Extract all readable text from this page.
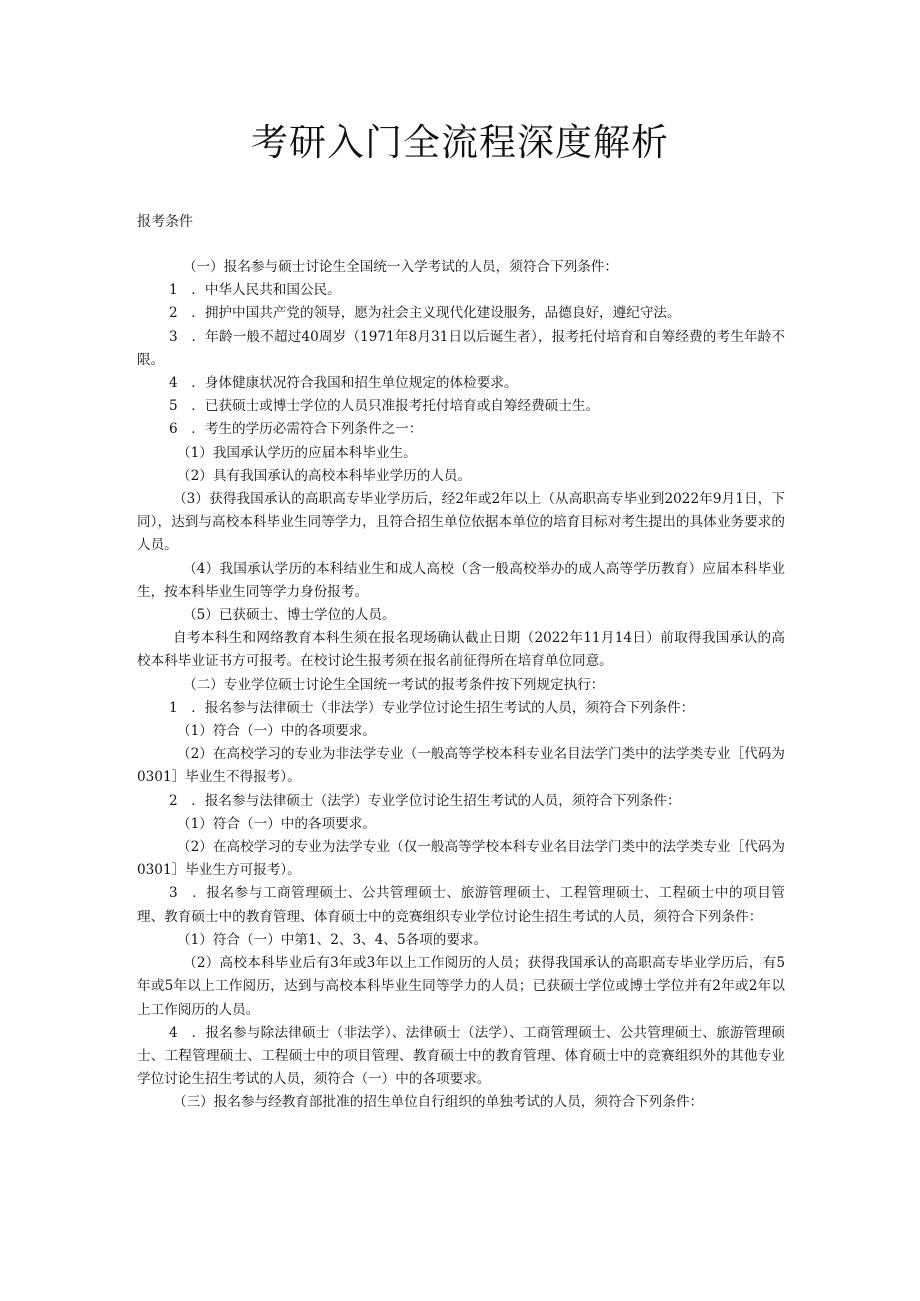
考研入门全流程深度解析

报考条件

（一）报名参与硕士讨论生全国统一入学考试的人员，须符合下列条件：

1　．中华人民共和国公民。

2　．拥护中国共产党的领导，愿为社会主义现代化建设服务，品德良好，遵纪守法。

3　．年龄一般不超过40周岁（1971年8月31日以后诞生者），报考托付培育和自筹经费的考生年龄不限。

4　．身体健康状况符合我国和招生单位规定的体检要求。

5　．已获硕士或博士学位的人员只准报考托付培育或自筹经费硕士生。

6　．考生的学历必需符合下列条件之一：

（1）我国承认学历的应届本科毕业生。

（2）具有我国承认的高校本科毕业学历的人员。

（3）获得我国承认的高职高专毕业学历后，经2年或2年以上（从高职高专毕业到2022年9月1日，下同），达到与高校本科毕业生同等学力，且符合招生单位依据本单位的培育目标对考生提出的具体业务要求的人员。

（4）我国承认学历的本科结业生和成人高校（含一般高校举办的成人高等学历教育）应届本科毕业生，按本科毕业生同等学力身份报考。

（5）已获硕士、博士学位的人员。

自考本科生和网络教育本科生须在报名现场确认截止日期（2022年11月14日）前取得我国承认的高校本科毕业证书方可报考。在校讨论生报考须在报名前征得所在培育单位同意。

（二）专业学位硕士讨论生全国统一考试的报考条件按下列规定执行：

1　．报名参与法律硕士（非法学）专业学位讨论生招生考试的人员，须符合下列条件：

（1）符合（一）中的各项要求。

（2）在高校学习的专业为非法学专业（一般高等学校本科专业名目法学门类中的法学类专业［代码为0301］毕业生不得报考）。

2　．报名参与法律硕士（法学）专业学位讨论生招生考试的人员，须符合下列条件：

（1）符合（一）中的各项要求。

（2）在高校学习的专业为法学专业（仅一般高等学校本科专业名目法学门类中的法学类专业［代码为0301］毕业生方可报考）。

3　．报名参与工商管理硕士、公共管理硕士、旅游管理硕士、工程管理硕士、工程硕士中的项目管理、教育硕士中的教育管理、体育硕士中的竞赛组织专业学位讨论生招生考试的人员，须符合下列条件：

（1）符合（一）中第1、2、3、4、5各项的要求。

（2）高校本科毕业后有3年或3年以上工作阅历的人员；获得我国承认的高职高专毕业学历后，有5年或5年以上工作阅历，达到与高校本科毕业生同等学力的人员；已获硕士学位或博士学位并有2年或2年以上工作阅历的人员。

4　．报名参与除法律硕士（非法学）、法律硕士（法学）、工商管理硕士、公共管理硕士、旅游管理硕士、工程管理硕士、工程硕士中的项目管理、教育硕士中的教育管理、体育硕士中的竞赛组织外的其他专业学位讨论生招生考试的人员，须符合（一）中的各项要求。

（三）报名参与经教育部批准的招生单位自行组织的单独考试的人员，须符合下列条件：
